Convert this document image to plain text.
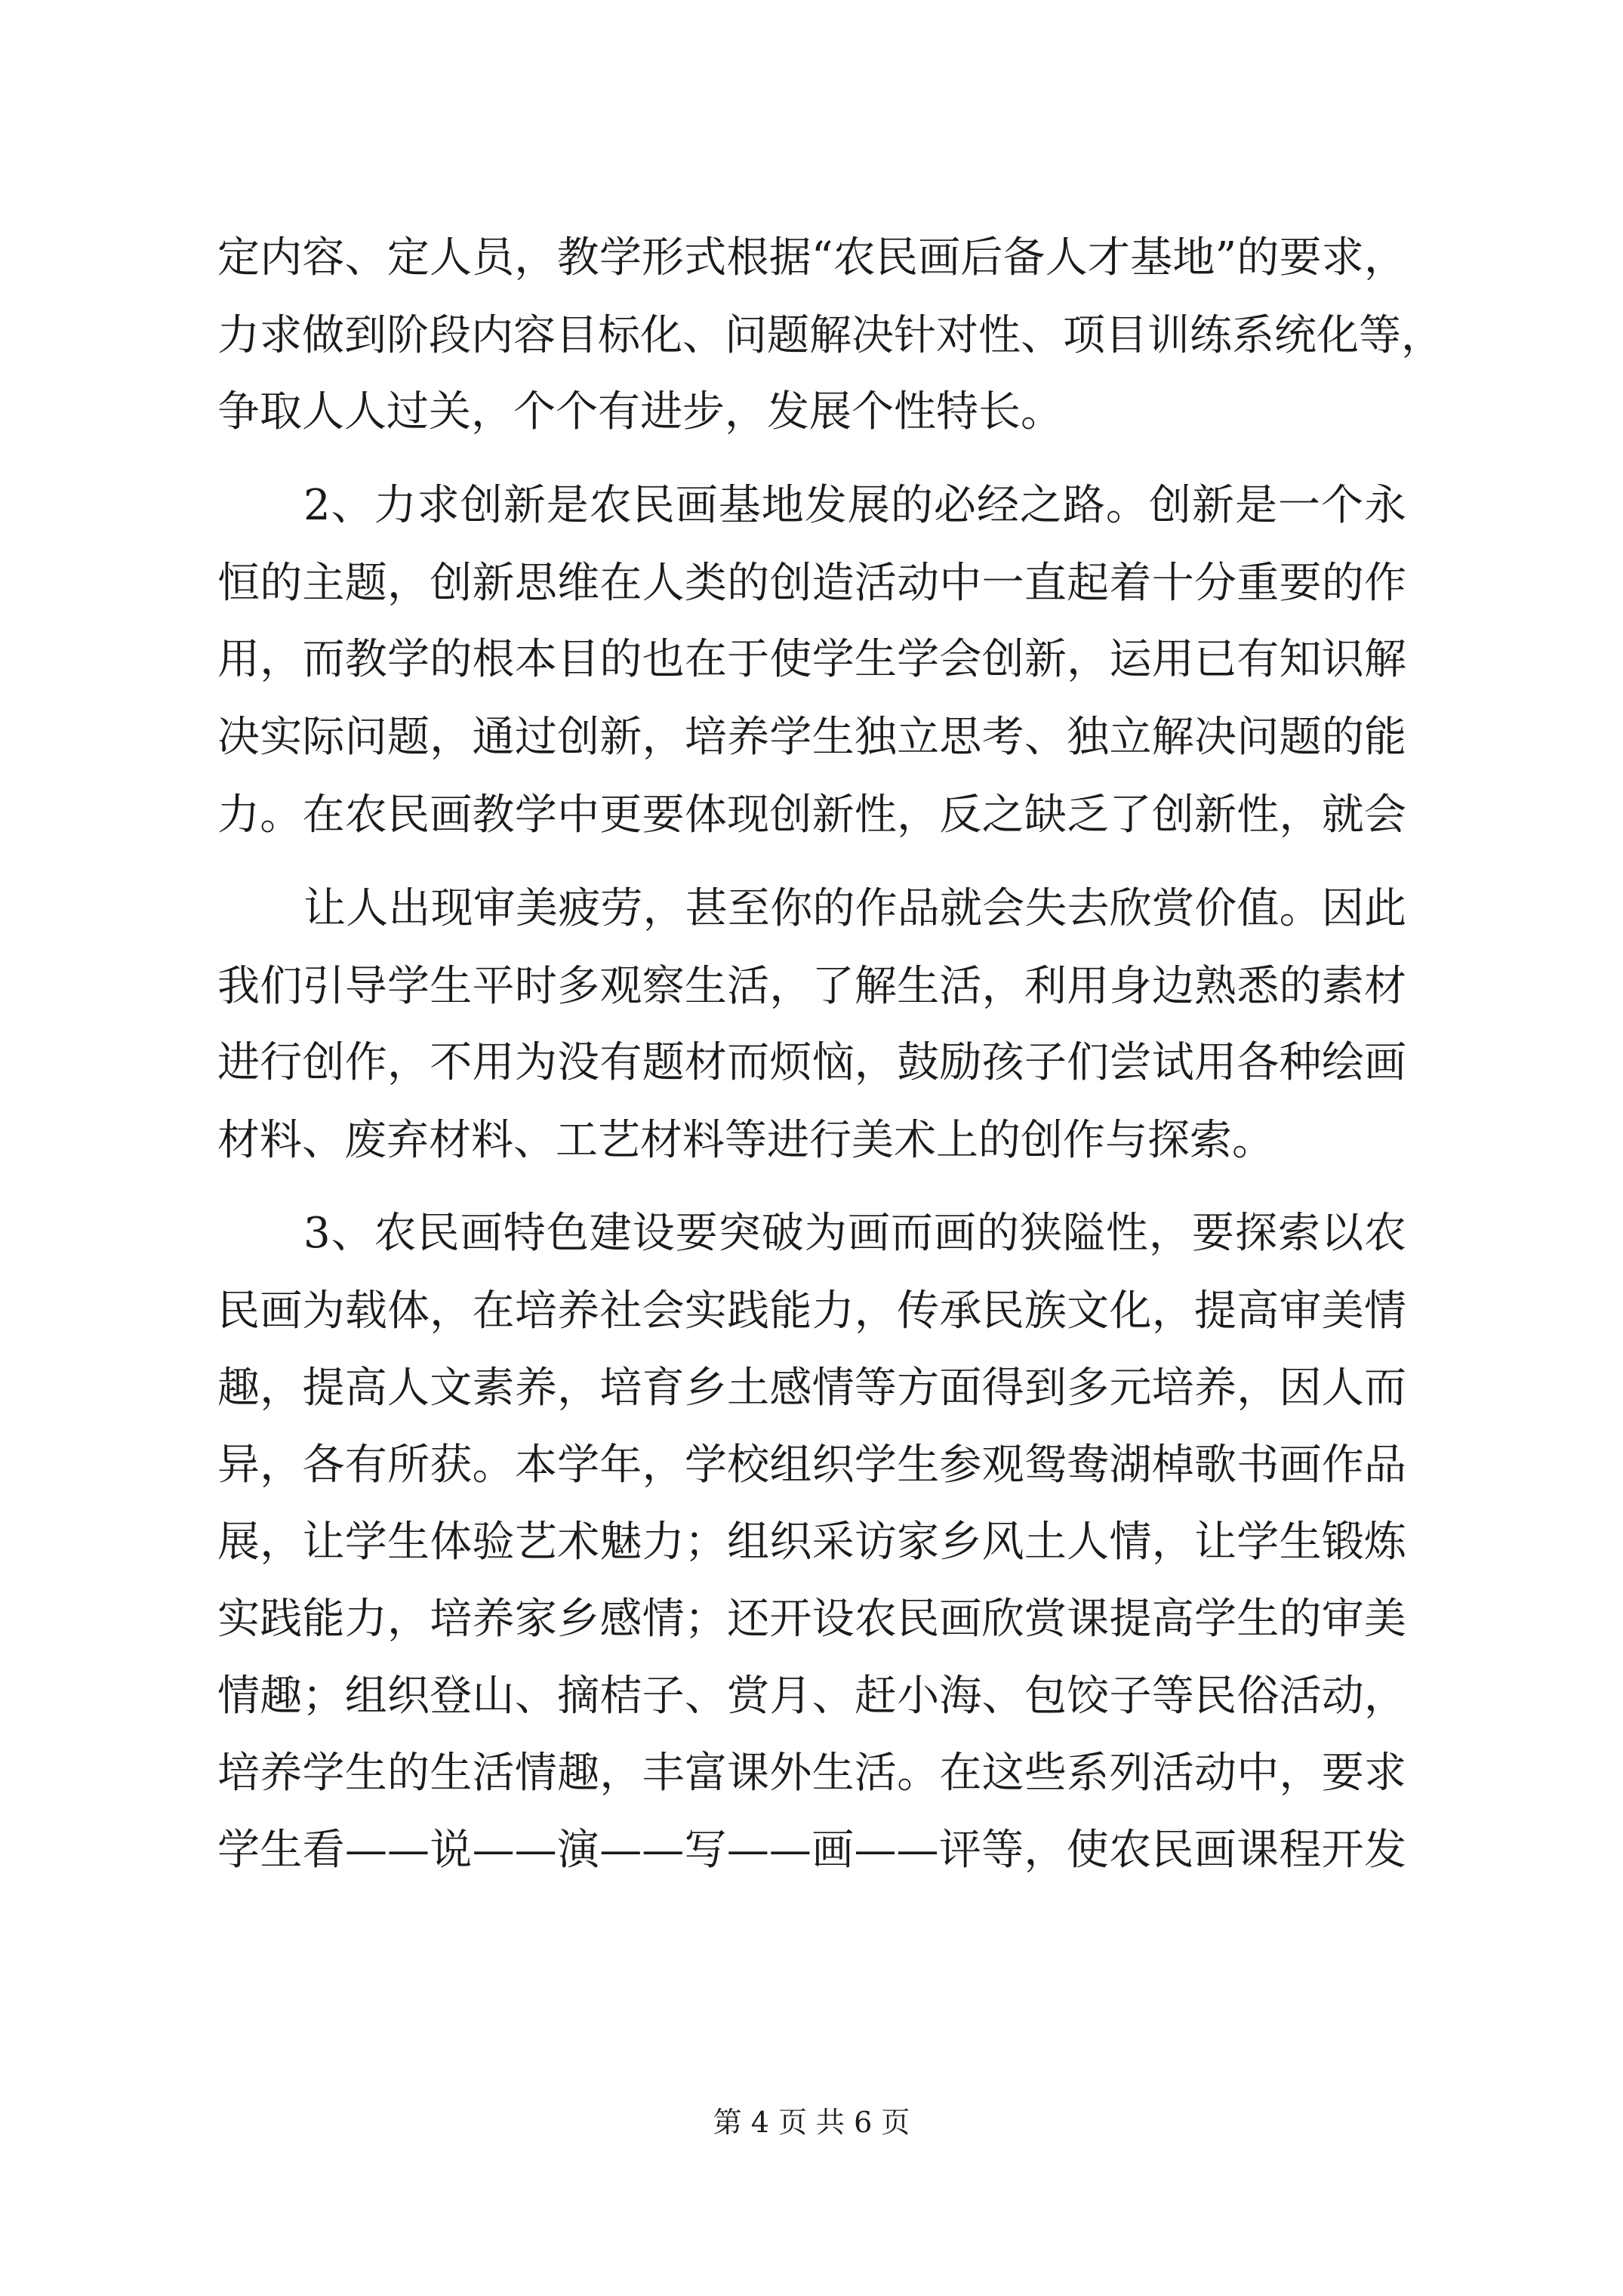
定内容、定人员，教学形式根据“农民画后备人才基地”的要求，
力求做到阶段内容目标化、问题解决针对性、项目训练系统化等，
争取人人过关，个个有进步，发展个性特长。
2、力求创新是农民画基地发展的必经之路。创新是一个永
恒的主题，创新思维在人类的创造活动中一直起着十分重要的作
用，而教学的根本目的也在于使学生学会创新，运用已有知识解
决实际问题，通过创新，培养学生独立思考、独立解决问题的能
力。在农民画教学中更要体现创新性，反之缺乏了创新性，就会
让人出现审美疲劳，甚至你的作品就会失去欣赏价值。因此
我们引导学生平时多观察生活，了解生活，利用身边熟悉的素材
进行创作，不用为没有题材而烦恼，鼓励孩子们尝试用各种绘画
材料、废弃材料、工艺材料等进行美术上的创作与探索。
3、农民画特色建设要突破为画而画的狭隘性，要探索以农
民画为载体，在培养社会实践能力，传承民族文化，提高审美情
趣，提高人文素养，培育乡土感情等方面得到多元培养，因人而
异，各有所获。本学年，学校组织学生参观鸳鸯湖棹歌书画作品
展，让学生体验艺术魅力；组织采访家乡风土人情，让学生锻炼
实践能力，培养家乡感情；还开设农民画欣赏课提高学生的审美
情趣；组织登山、摘桔子、赏月、赶小海、包饺子等民俗活动，
培养学生的生活情趣，丰富课外生活。在这些系列活动中，要求
学生看——说——演——写——画——评等，使农民画课程开发
第 4 页 共 6 页
